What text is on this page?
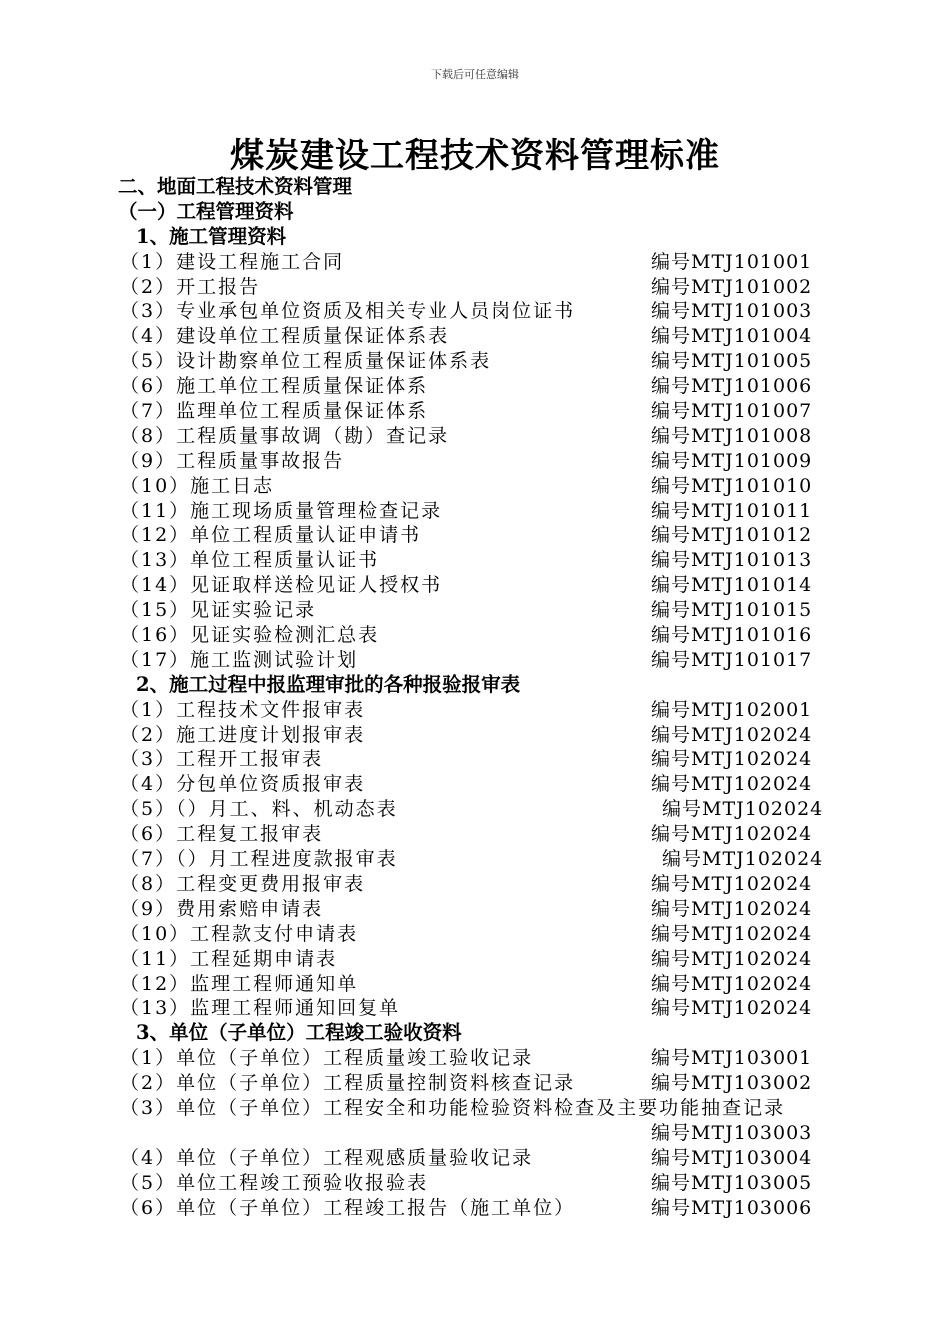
下载后可任意编辑
煤炭建设工程技术资料管理标准
二、地面工程技术资料管理
（一）工程管理资料
1、施工管理资料
（1）建设工程施工合同	编号MTJ101001
（2）开工报告	编号MTJ101002
（3）专业承包单位资质及相关专业人员岗位证书	编号MTJ101003
（4）建设单位工程质量保证体系表	编号MTJ101004
（5）设计勘察单位工程质量保证体系表	编号MTJ101005
（6）施工单位工程质量保证体系	编号MTJ101006
（7）监理单位工程质量保证体系	编号MTJ101007
（8）工程质量事故调（勘）查记录	编号MTJ101008
（9）工程质量事故报告	编号MTJ101009
（10）施工日志	编号MTJ101010
（11）施工现场质量管理检查记录	编号MTJ101011
（12）单位工程质量认证申请书	编号MTJ101012
（13）单位工程质量认证书	编号MTJ101013
（14）见证取样送检见证人授权书	编号MTJ101014
（15）见证实验记录	编号MTJ101015
（16）见证实验检测汇总表	编号MTJ101016
（17）施工监测试验计划	编号MTJ101017
2、施工过程中报监理审批的各种报验报审表
（1）工程技术文件报审表	编号MTJ102001
（2）施工进度计划报审表	编号MTJ102024
（3）工程开工报审表	编号MTJ102024
（4）分包单位资质报审表	编号MTJ102024
（5）（）月工、料、机动态表	编号MTJ102024
（6）工程复工报审表	编号MTJ102024
（7）（）月工程进度款报审表	编号MTJ102024
（8）工程变更费用报审表	编号MTJ102024
（9）费用索赔申请表	编号MTJ102024
（10）工程款支付申请表	编号MTJ102024
（11）工程延期申请表	编号MTJ102024
（12）监理工程师通知单	编号MTJ102024
（13）监理工程师通知回复单	编号MTJ102024
3、单位（子单位）工程竣工验收资料
（1）单位（子单位）工程质量竣工验收记录	编号MTJ103001
（2）单位（子单位）工程质量控制资料核查记录	编号MTJ103002
（3）单位（子单位）工程安全和功能检验资料检查及主要功能抽查记录
编号MTJ103003
（4）单位（子单位）工程观感质量验收记录	编号MTJ103004
（5）单位工程竣工预验收报验表	编号MTJ103005
（6）单位（子单位）工程竣工报告（施工单位）	编号MTJ103006
